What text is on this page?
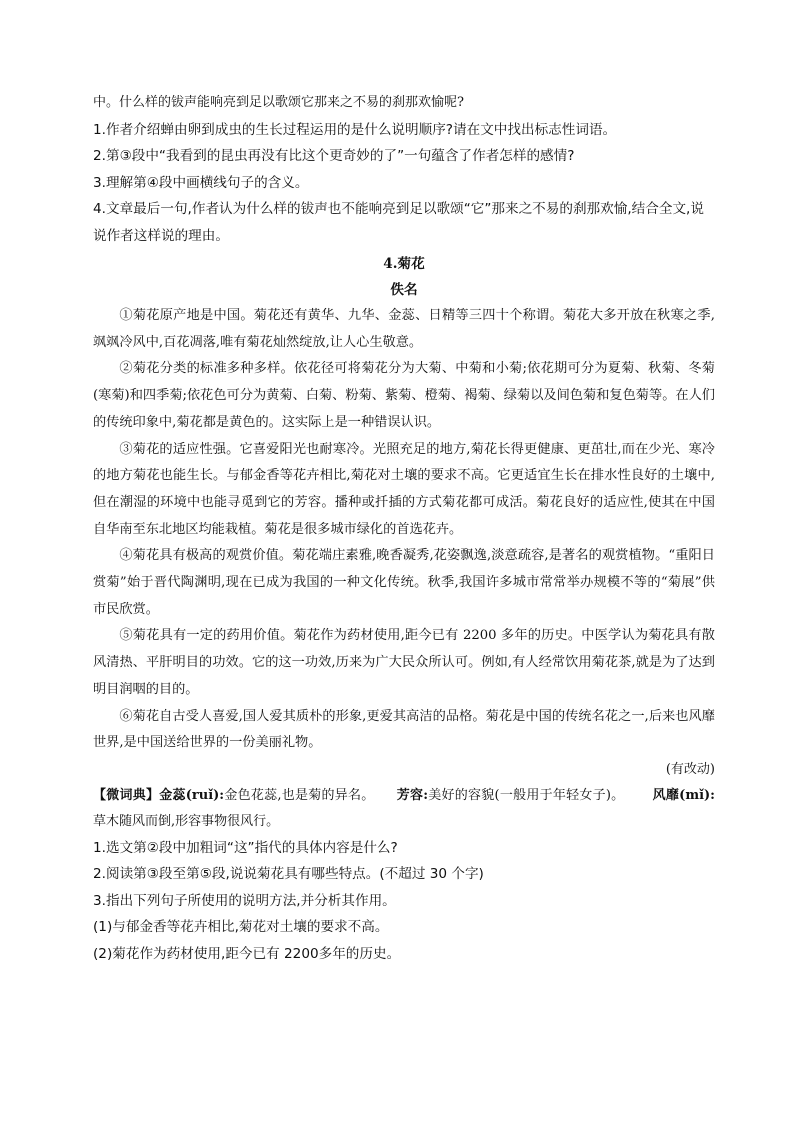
中。什么样的钹声能响亮到足以歌颂它那来之不易的刹那欢愉呢?
1.作者介绍蝉由卵到成虫的生长过程运用的是什么说明顺序?请在文中找出标志性词语。
2.第③段中“我看到的昆虫再没有比这个更奇妙的了”一句蕴含了作者怎样的感情?
3.理解第④段中画横线句子的含义。
4.文章最后一句,作者认为什么样的钹声也不能响亮到足以歌颂“它”那来之不易的刹那欢愉,结合全文,说说作者这样说的理由。
4.菊花
佚名
①菊花原产地是中国。菊花还有黄华、九华、金蕊、日精等三四十个称谓。菊花大多开放在秋寒之季,飒飒冷风中,百花凋落,唯有菊花灿然绽放,让人心生敬意。
②菊花分类的标准多种多样。依花径可将菊花分为大菊、中菊和小菊;依花期可分为夏菊、秋菊、冬菊(寒菊)和四季菊;依花色可分为黄菊、白菊、粉菊、紫菊、橙菊、褐菊、绿菊以及间色菊和复色菊等。在人们的传统印象中,菊花都是黄色的。这实际上是一种错误认识。
③菊花的适应性强。它喜爱阳光也耐寒冷。光照充足的地方,菊花长得更健康、更茁壮,而在少光、寒冷的地方菊花也能生长。与郁金香等花卉相比,菊花对土壤的要求不高。它更适宜生长在排水性良好的土壤中,但在潮湿的环境中也能寻觅到它的芳容。播种或扦插的方式菊花都可成活。菊花良好的适应性,使其在中国自华南至东北地区均能栽植。菊花是很多城市绿化的首选花卉。
④菊花具有极高的观赏价值。菊花端庄素雅,晚香凝秀,花姿飘逸,淡意疏容,是著名的观赏植物。“重阳日赏菊”始于晋代陶渊明,现在已成为我国的一种文化传统。秋季,我国许多城市常常举办规模不等的“菊展”供市民欣赏。
⑤菊花具有一定的药用价值。菊花作为药材使用,距今已有 2200 多年的历史。中医学认为菊花具有散风清热、平肝明目的功效。它的这一功效,历来为广大民众所认可。例如,有人经常饮用菊花茶,就是为了达到明目润咽的目的。
⑥菊花自古受人喜爱,国人爱其质朴的形象,更爱其高洁的品格。菊花是中国的传统名花之一,后来也风靡世界,是中国送给世界的一份美丽礼物。
(有改动)
【微词典】金蕊(ruǐ):金色花蕊,也是菊的异名。 芳容:美好的容貌(一般用于年轻女子)。 风靡(mǐ):草木随风而倒,形容事物很风行。
1.选文第②段中加粗词“这”指代的具体内容是什么?
2.阅读第③段至第⑤段,说说菊花具有哪些特点。(不超过 30 个字)
3.指出下列句子所使用的说明方法,并分析其作用。
(1)与郁金香等花卉相比,菊花对土壤的要求不高。
(2)菊花作为药材使用,距今已有 2200多年的历史。
